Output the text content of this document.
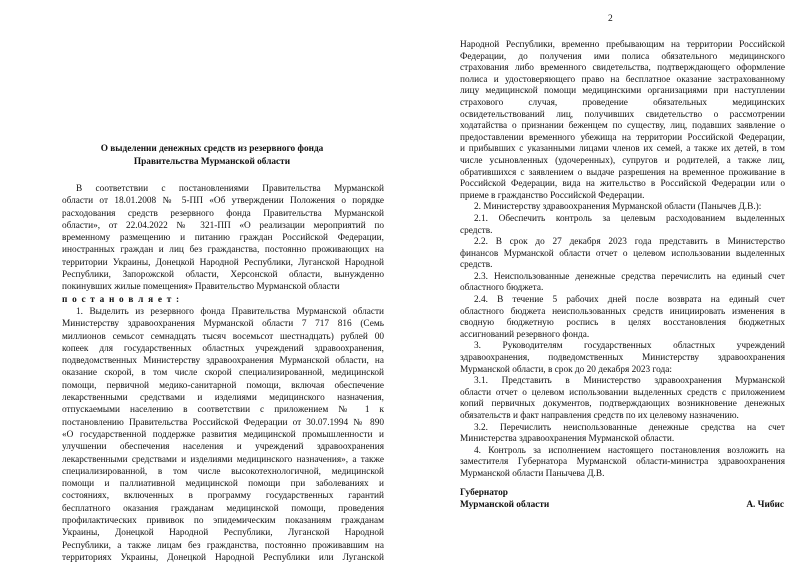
О выделении денежных средств из резервного фонда
Правительства Мурманской области
В соответствии с постановлениями Правительства Мурманской
области от 18.01.2008 № 5-ПП «Об утверждении Положения о порядке
расходования средств резервного фонда Правительства Мурманской
области», от 22.04.2022 № 321-ПП «О реализации мероприятий по
временному размещению и питанию граждан Российской Федерации,
иностранных граждан и лиц без гражданства, постоянно проживающих на
территории Украины, Донецкой Народной Республики, Луганской Народной
Республики, Запорожской области, Херсонской области, вынужденно
покинувших жилые помещения» Правительство Мурманской области
п о с т а н о в л я е т :
1. Выделить из резервного фонда Правительства Мурманской области
Министерству здравоохранения Мурманской области 7 717 816 (Семь
миллионов семьсот семнадцать тысяч восемьсот шестнадцать) рублей 00
копеек для государственных областных учреждений здравоохранения,
подведомственных Министерству здравоохранения Мурманской области, на
оказание скорой, в том числе скорой специализированной, медицинской
помощи, первичной медико-санитарной помощи, включая обеспечение
лекарственными средствами и изделиями медицинского назначения,
отпускаемыми населению в соответствии с приложением № 1 к
постановлению Правительства Российской Федерации от 30.07.1994 № 890
«О государственной поддержке развития медицинской промышленности и
улучшении обеспечения населения и учреждений здравоохранения
лекарственными средствами и изделиями медицинского назначения», а также
специализированной, в том числе высокотехнологичной, медицинской
помощи и паллиативной медицинской помощи при заболеваниях и
состояниях, включенных в программу государственных гарантий
бесплатного оказания гражданам медицинской помощи, проведения
профилактических прививок по эпидемическим показаниям гражданам
Украины, Донецкой Народной Республики, Луганской Народной
Республики, а также лицам без гражданства, постоянно проживавшим на
территориях Украины, Донецкой Народной Республики или Луганской
2
Народной Республики, временно пребывающим на территории Российской
Федерации, до получения ими полиса обязательного медицинского
страхования либо временного свидетельства, подтверждающего оформление
полиса и удостоверяющего право на бесплатное оказание застрахованному
лицу медицинской помощи медицинскими организациями при наступлении
страхового случая, проведение обязательных медицинских
освидетельствований лиц, получивших свидетельство о рассмотрении
ходатайства о признании беженцем по существу, лиц, подавших заявление о
предоставлении временного убежища на территории Российской Федерации,
и прибывших с указанными лицами членов их семей, а также их детей, в том
числе усыновленных (удочеренных), супругов и родителей, а также лиц,
обратившихся с заявлением о выдаче разрешения на временное проживание в
Российской Федерации, вида на жительство в Российской Федерации или о
приеме в гражданство Российской Федерации.
2. Министерству здравоохранения Мурманской области (Панычев Д.В.):
2.1. Обеспечить контроль за целевым расходованием выделенных
средств.
2.2. В срок до 27 декабря 2023 года представить в Министерство
финансов Мурманской области отчет о целевом использовании выделенных
средств.
2.3. Неиспользованные денежные средства перечислить на единый счет
областного бюджета.
2.4. В течение 5 рабочих дней после возврата на единый счет
областного бюджета неиспользованных средств инициировать изменения в
сводную бюджетную роспись в целях восстановления бюджетных
ассигнований резервного фонда.
3. Руководителям государственных областных учреждений
здравоохранения, подведомственных Министерству здравоохранения
Мурманской области, в срок до 20 декабря 2023 года:
3.1. Представить в Министерство здравоохранения Мурманской
области отчет о целевом использовании выделенных средств с приложением
копий первичных документов, подтверждающих возникновение денежных
обязательств и факт направления средств по их целевому назначению.
3.2. Перечислить неиспользованные денежные средства на счет
Министерства здравоохранения Мурманской области.
4. Контроль за исполнением настоящего постановления возложить на
заместителя Губернатора Мурманской области-министра здравоохранения
Мурманской области Панычева Д.В.
Губернатор
Мурманской области	А. Чибис
